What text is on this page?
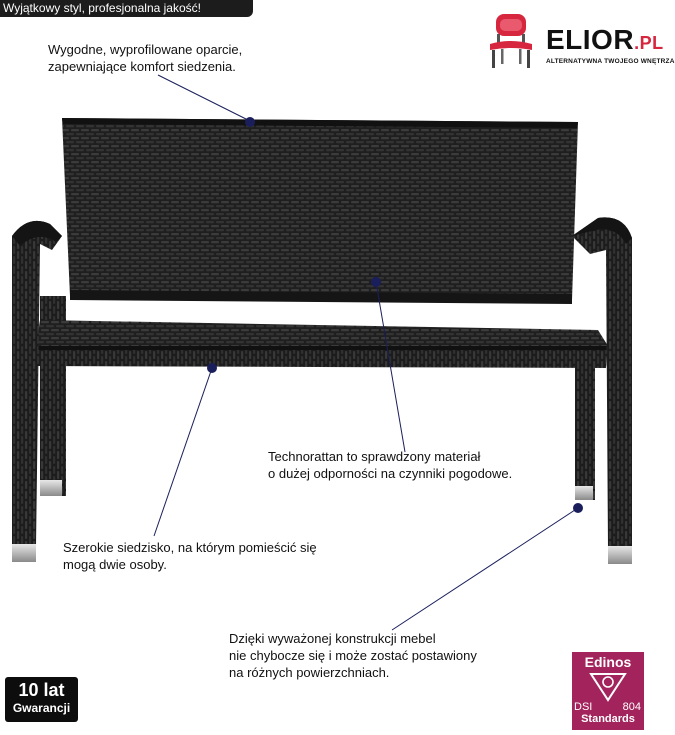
Wyjątkowy styl, profesjonalna jakość!
ELIOR.PL
ALTERNATYWNA TWOJEGO WNĘTRZA
Wygodne, wyprofilowane oparcie,
zapewniające komfort siedzenia.
Technorattan to sprawdzony materiał
o dużej odporności na czynniki pogodowe.
Szerokie siedzisko, na którym pomieścić się
mogą dwie osoby.
Dzięki wyważonej konstrukcji mebel
nie chybocze się i może zostać postawiony
na różnych powierzchniach.
10 lat
Gwarancji
Edinos
DSI	804
Standards
